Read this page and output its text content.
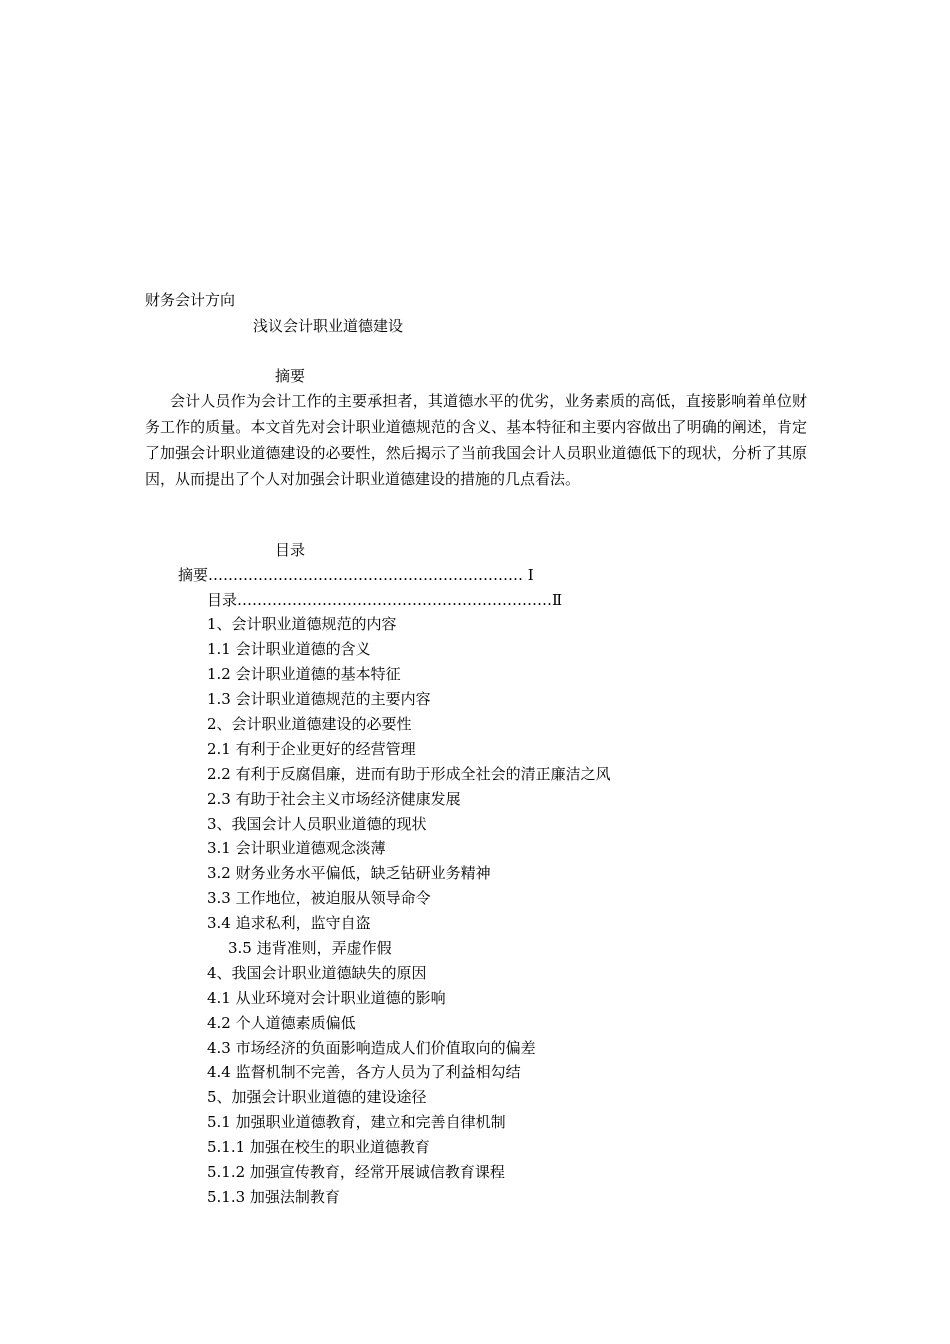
财务会计方向
浅议会计职业道德建设
摘要
会计人员作为会计工作的主要承担者，其道德水平的优劣，业务素质的高低，直接影响着单位财务工作的质量。本文首先对会计职业道德规范的含义、基本特征和主要内容做出了明确的阐述，肯定了加强会计职业道德建设的必要性，然后揭示了当前我国会计人员职业道德低下的现状，分析了其原因，从而提出了个人对加强会计职业道德建设的措施的几点看法。
目录
摘要……………………………………………………… I
目录………………………………………………………Ⅱ
1、会计职业道德规范的内容
1.1 会计职业道德的含义
1.2 会计职业道德的基本特征
1.3 会计职业道德规范的主要内容
2、会计职业道德建设的必要性
2.1 有利于企业更好的经营管理
2.2 有利于反腐倡廉，进而有助于形成全社会的清正廉洁之风
2.3 有助于社会主义市场经济健康发展
3、我国会计人员职业道德的现状
3.1 会计职业道德观念淡薄
3.2 财务业务水平偏低，缺乏钻研业务精神
3.3 工作地位，被迫服从领导命令
3.4 追求私利，监守自盗
3.5 违背准则，弄虚作假
4、我国会计职业道德缺失的原因
4.1 从业环境对会计职业道德的影响
4.2 个人道德素质偏低
4.3 市场经济的负面影响造成人们价值取向的偏差
4.4 监督机制不完善，各方人员为了利益相勾结
5、加强会计职业道德的建设途径
5.1 加强职业道德教育，建立和完善自律机制
5.1.1 加强在校生的职业道德教育
5.1.2 加强宣传教育，经常开展诚信教育课程
5.1.3 加强法制教育
